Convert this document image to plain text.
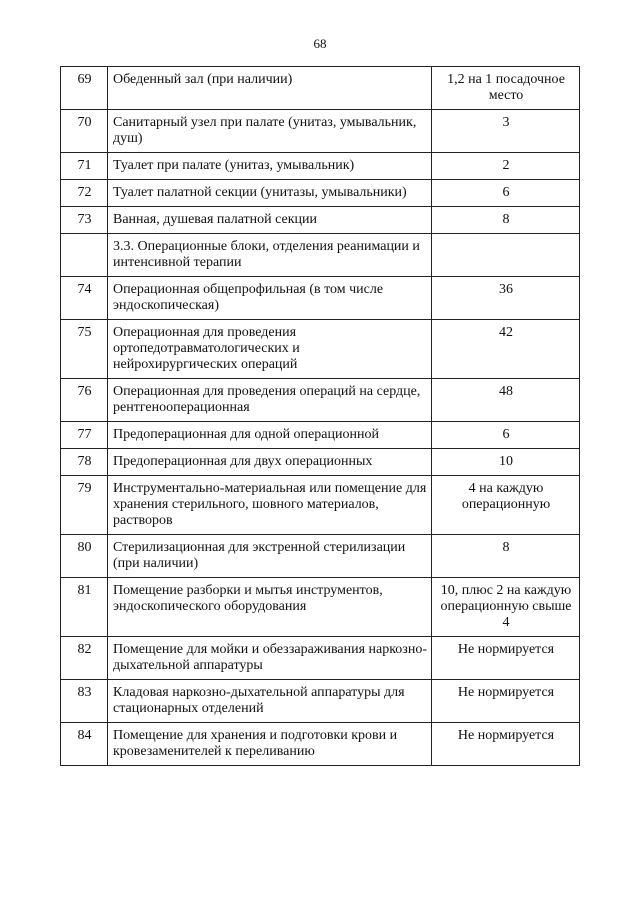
68
69	Обеденный зал (при наличии)	1,2 на 1 посадочное место
70	Санитарный узел при палате (унитаз, умывальник, душ)	3
71	Туалет при палате (унитаз, умывальник)	2
72	Туалет палатной секции (унитазы, умывальники)	6
73	Ванная, душевая палатной секции	8
	3.3. Операционные блоки, отделения реанимации и интенсивной терапии	
74	Операционная общепрофильная (в том числе эндоскопическая)	36
75	Операционная для проведения ортопедотравматологических и нейрохирургических операций	42
76	Операционная для проведения операций на сердце, рентгенооперационная	48
77	Предоперационная для одной операционной	6
78	Предоперационная для двух операционных	10
79	Инструментально-материальная или помещение для хранения стерильного, шовного материалов, растворов	4 на каждую операционную
80	Стерилизационная для экстренной стерилизации (при наличии)	8
81	Помещение разборки и мытья инструментов, эндоскопического оборудования	10, плюс 2 на каждую операционную свыше 4
82	Помещение для мойки и обеззараживания наркозно-дыхательной аппаратуры	Не нормируется
83	Кладовая наркозно-дыхательной аппаратуры для стационарных отделений	Не нормируется
84	Помещение для хранения и подготовки крови и кровезаменителей к переливанию	Не нормируется
